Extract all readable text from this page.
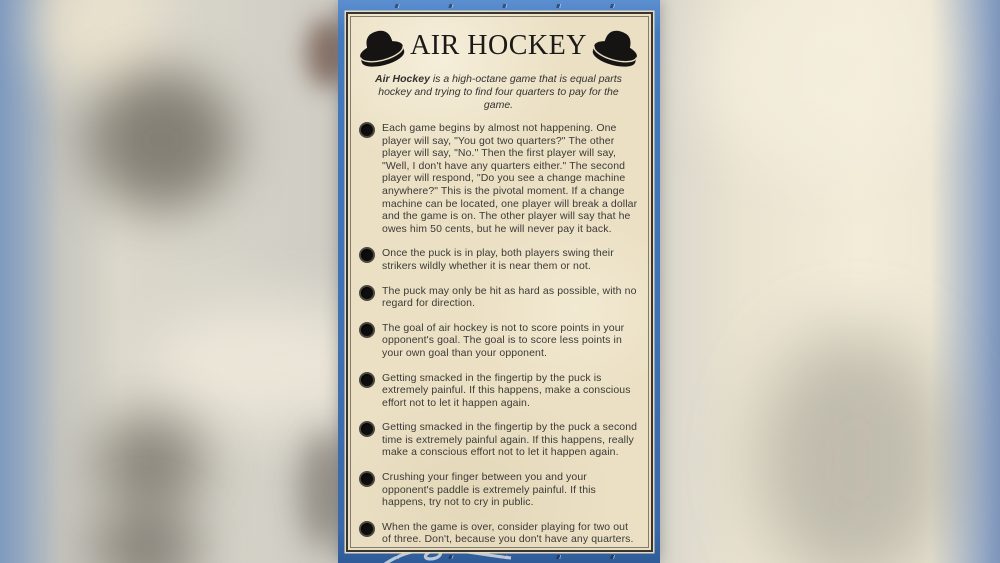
AIR HOCKEY

Air Hockey is a high-octane game that is equal parts hockey and trying to find four quarters to pay for the game.

Each game begins by almost not happening. One player will say, "You got two quarters?" The other player will say, "No." Then the first player will say, "Well, I don't have any quarters either." The second player will respond, "Do you see a change machine anywhere?" This is the pivotal moment. If a change machine can be located, one player will break a dollar and the game is on. The other player will say that he owes him 50 cents, but he will never pay it back.

Once the puck is in play, both players swing their strikers wildly whether it is near them or not.

The puck may only be hit as hard as possible, with no regard for direction.

The goal of air hockey is not to score points in your opponent's goal. The goal is to score less points in your own goal than your opponent.

Getting smacked in the fingertip by the puck is extremely painful. If this happens, make a conscious effort not to let it happen again.

Getting smacked in the fingertip by the puck a second time is extremely painful again. If this happens, really make a conscious effort not to let it happen again.

Crushing your finger between you and your opponent's paddle is extremely painful. If this happens, try not to cry in public.

When the game is over, consider playing for two out of three. Don't, because you don't have any quarters.
